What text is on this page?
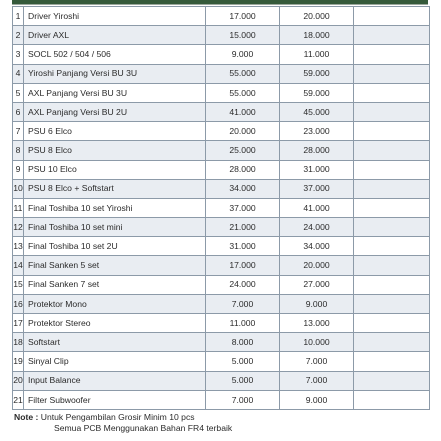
1	Driver Yiroshi	17.000	20.000	
2	Driver AXL	15.000	18.000	
3	SOCL 502 / 504 / 506	9.000	11.000	
4	Yiroshi Panjang Versi BU 3U	55.000	59.000	
5	AXL Panjang Versi BU 3U	55.000	59.000	
6	AXL Panjang Versi BU 2U	41.000	45.000	
7	PSU 6 Elco	20.000	23.000	
8	PSU 8 Elco	25.000	28.000	
9	PSU 10 Elco	28.000	31.000	
10	PSU 8 Elco + Softstart	34.000	37.000	
11	Final Toshiba 10 set Yiroshi	37.000	41.000	
12	Final Toshiba 10 set mini	21.000	24.000	
13	Final Toshiba 10 set 2U	31.000	34.000	
14	Final Sanken 5 set	17.000	20.000	
15	Final Sanken 7 set	24.000	27.000	
16	Protektor Mono	7.000	9.000	
17	Protektor Stereo	11.000	13.000	
18	Softstart	8.000	10.000	
19	Sinyal Clip	5.000	7.000	
20	Input Balance	5.000	7.000	
21	Filter Subwoofer	7.000	9.000	
Note : Untuk Pengambilan Grosir Minim 10 pcs
Semua PCB Menggunakan Bahan FR4 terbaik
